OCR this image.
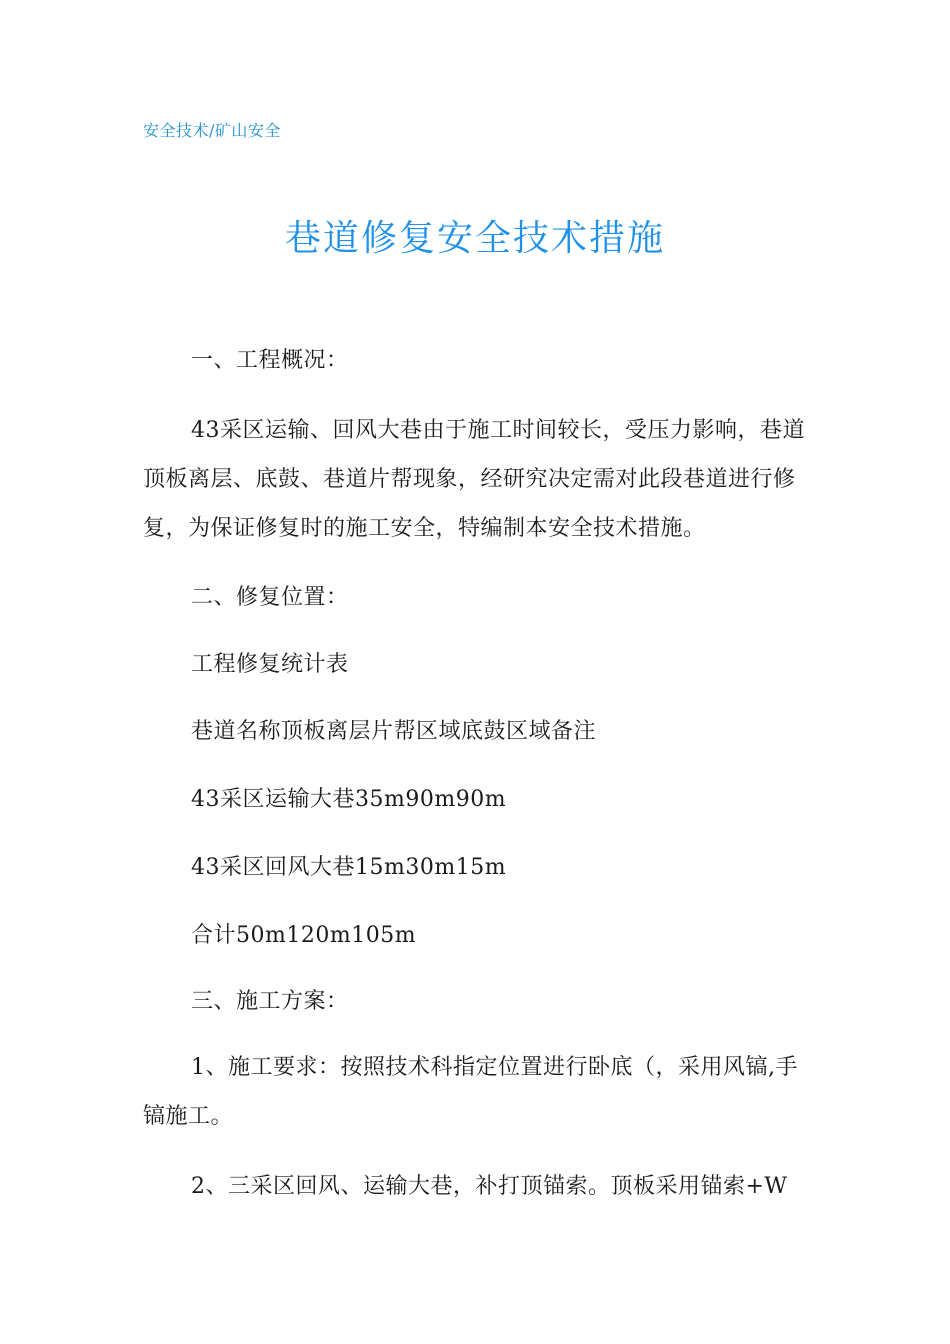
安全技术/矿山安全
巷道修复安全技术措施
一、工程概况：
43采区运输、回风大巷由于施工时间较长，受压力影响，巷道顶板离层、底鼓、巷道片帮现象，经研究决定需对此段巷道进行修复，为保证修复时的施工安全，特编制本安全技术措施。
二、修复位置：
工程修复统计表
巷道名称顶板离层片帮区域底鼓区域备注
43采区运输大巷35m90m90m
43采区回风大巷15m30m15m
合计50m120m105m
三、施工方案：
1、施工要求：按照技术科指定位置进行卧底（，采用风镐,手镐施工。
2、三采区回风、运输大巷，补打顶锚索。顶板采用锚索+W
